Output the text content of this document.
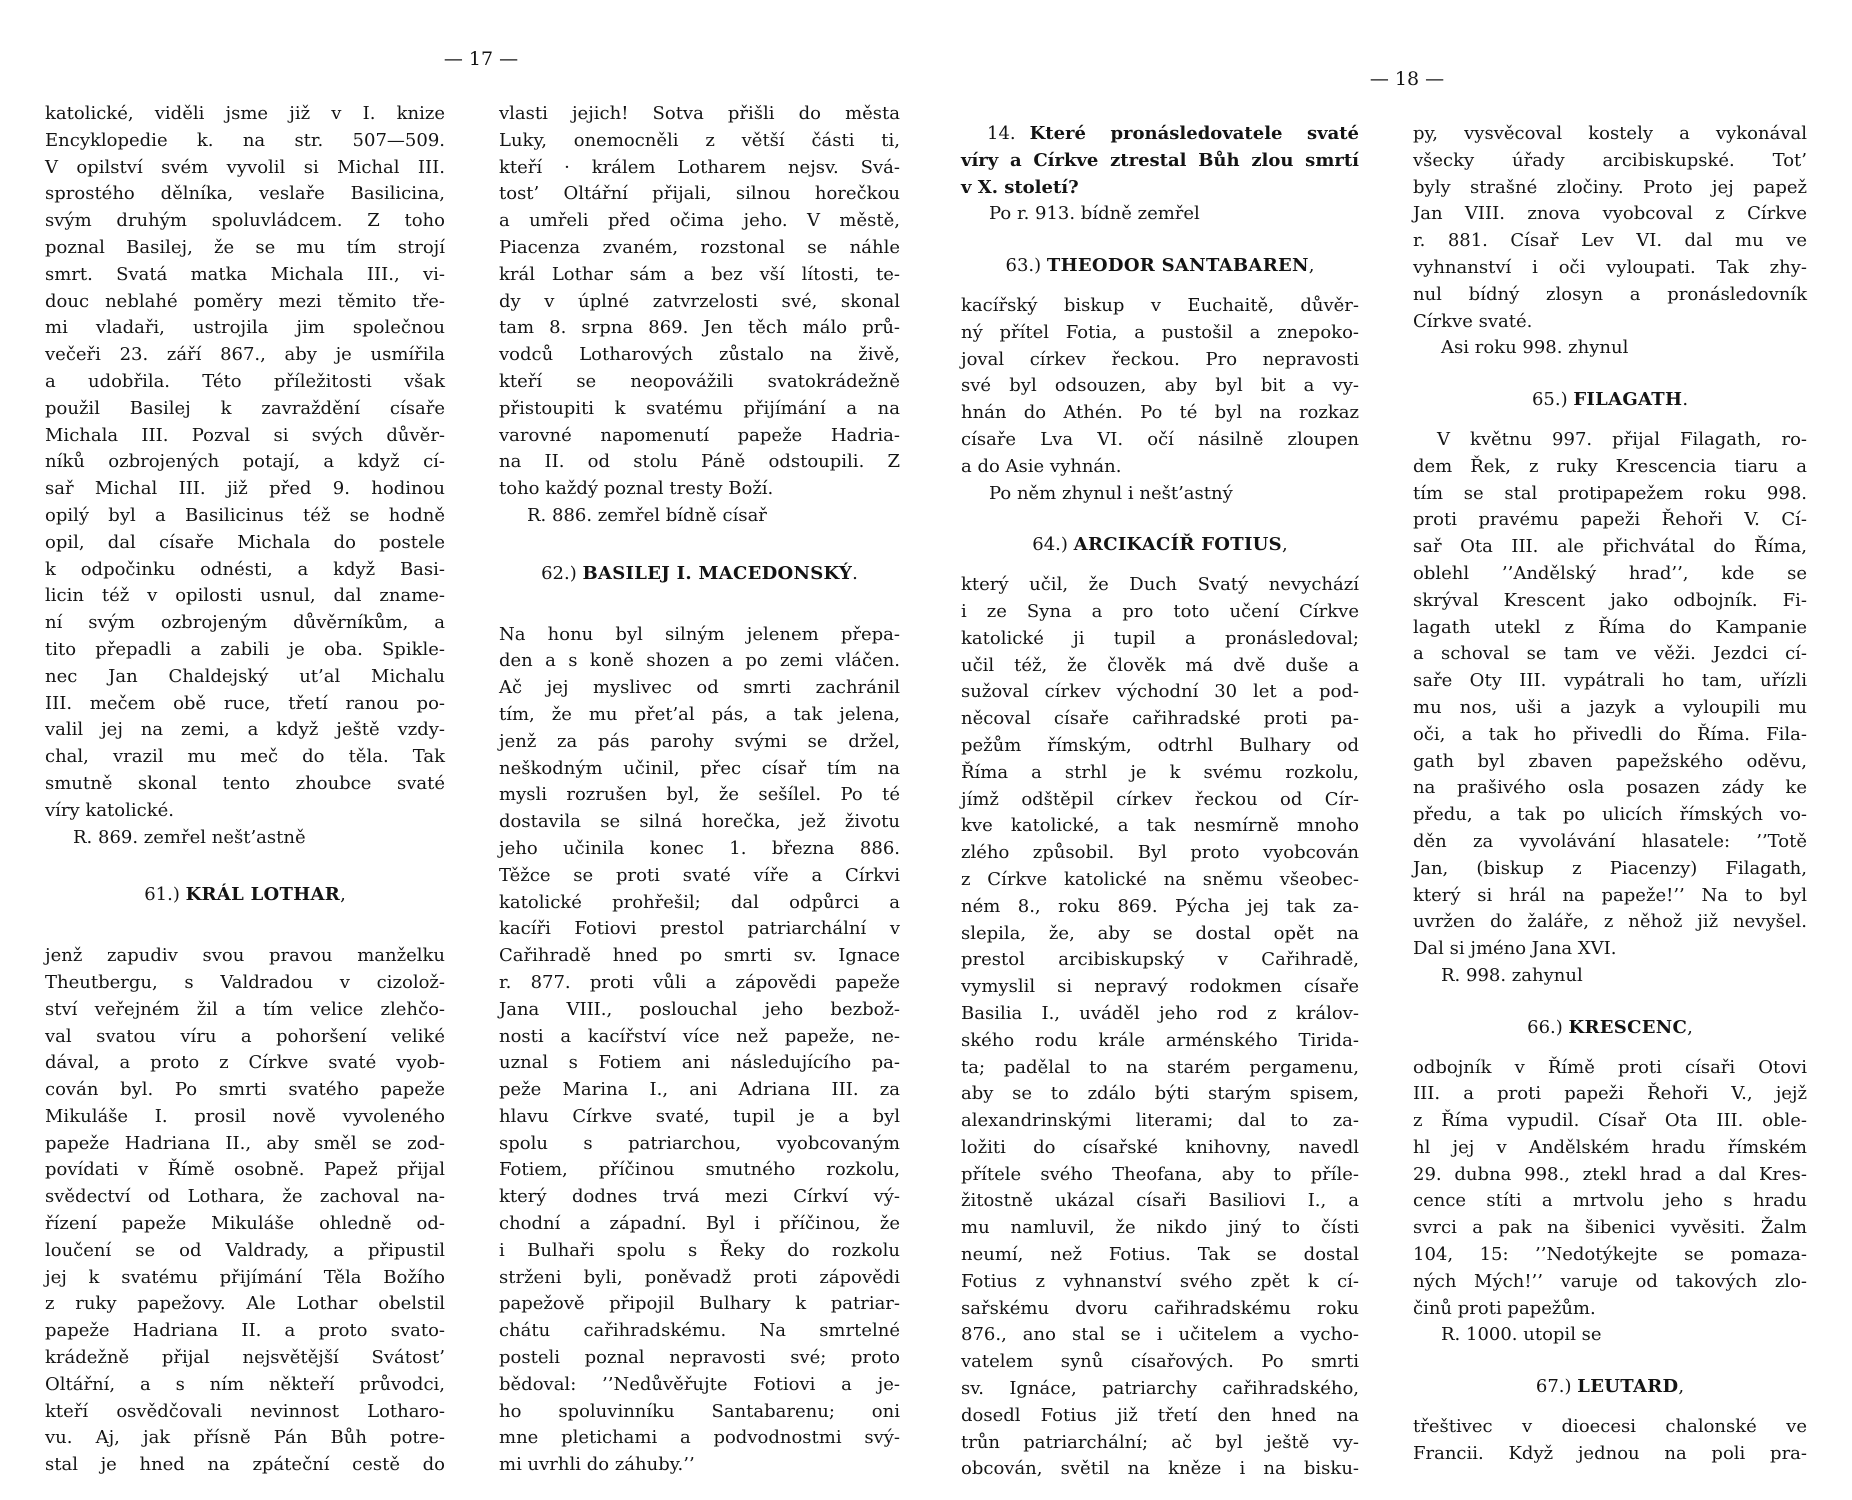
— 17 —
— 18 —
katolické, viděli jsme již v I. knize
Encyklopedie k. na str. 507—509.
V opilství svém vyvolil si Michal III.
sprostého dělníka, veslaře Basilicina,
svým druhým spoluvládcem. Z toho
poznal Basilej, že se mu tím strojí
smrt. Svatá matka Michala III., vi-
douc neblahé poměry mezi těmito tře-
mi vladaři, ustrojila jim společnou
večeři 23. září 867., aby je usmířila
a udobřila. Této příležitosti však
použil Basilej k zavraždění císaře
Michala III. Pozval si svých důvěr-
níků ozbrojených potají, a když cí-
sař Michal III. již před 9. hodinou
opilý byl a Basilicinus též se hodně
opil, dal císaře Michala do postele
k odpočinku odnésti, a když Basi-
licin též v opilosti usnul, dal zname-
ní svým ozbrojeným důvěrníkům, a
tito přepadli a zabili je oba. Spikle-
nec Jan Chaldejský ut’al Michalu
III. mečem obě ruce, třetí ranou po-
valil jej na zemi, a když ještě vzdy-
chal, vrazil mu meč do těla. Tak
smutně skonal tento zhoubce svaté
víry katolické.
R. 869. zemřel nešt’astně
61.) KRÁL LOTHAR,
jenž zapudiv svou pravou manželku
Theutbergu, s Valdradou v cizolož-
ství veřejném žil a tím velice zlehčo-
val svatou víru a pohoršení veliké
dával, a proto z Církve svaté vyob-
cován byl. Po smrti svatého papeže
Mikuláše I. prosil nově vyvoleného
papeže Hadriana II., aby směl se zod-
povídati v Římě osobně. Papež přijal
svědectví od Lothara, že zachoval na-
řízení papeže Mikuláše ohledně od-
loučení se od Valdrady, a připustil
jej k svatému přijímání Těla Božího
z ruky papežovy. Ale Lothar obelstil
papeže Hadriana II. a proto svato-
krádežně přijal nejsvětější Svátost’
Oltářní, a s ním někteří průvodci,
kteří osvědčovali nevinnost Lotharo-
vu. Aj, jak přísně Pán Bůh potre-
stal je hned na zpáteční cestě do
vlasti jejich! Sotva přišli do města
Luky, onemocněli z větší části ti,
kteří · králem Lotharem nejsv. Svá-
tost’ Oltářní přijali, silnou horečkou
a umřeli před očima jeho. V městě,
Piacenza zvaném, rozstonal se náhle
král Lothar sám a bez vší lítosti, te-
dy v úplné zatvrzelosti své, skonal
tam 8. srpna 869. Jen těch málo prů-
vodců Lotharových zůstalo na živě,
kteří se neopovážili svatokrádežně
přistoupiti k svatému přijímání a na
varovné napomenutí papeže Hadria-
na II. od stolu Páně odstoupili. Z
toho každý poznal tresty Boží.
R. 886. zemřel bídně císař
62.) BASILEJ I. MACEDONSKÝ.
Na honu byl silným jelenem přepa-
den a s koně shozen a po zemi vláčen.
Ač jej myslivec od smrti zachránil
tím, že mu přet’al pás, a tak jelena,
jenž za pás parohy svými se držel,
neškodným učinil, přec císař tím na
mysli rozrušen byl, že sešílel. Po té
dostavila se silná horečka, jež životu
jeho učinila konec 1. března 886.
Těžce se proti svaté víře a Církvi
katolické prohřešil; dal odpůrci a
kacíři Fotiovi prestol patriarchální v
Cařihradě hned po smrti sv. Ignace
r. 877. proti vůli a zápovědi papeže
Jana VIII., poslouchal jeho bezbož-
nosti a kacířství více než papeže, ne-
uznal s Fotiem ani následujícího pa-
peže Marina I., ani Adriana III. za
hlavu Církve svaté, tupil je a byl
spolu s patriarchou, vyobcovaným
Fotiem, příčinou smutného rozkolu,
který dodnes trvá mezi Církví vý-
chodní a západní. Byl i příčinou, že
i Bulhaři spolu s Řeky do rozkolu
strženi byli, poněvadž proti zápovědi
papežově připojil Bulhary k patriar-
chátu cařihradskému. Na smrtelné
posteli poznal nepravosti své; proto
bědoval: ’’Nedůvěřujte Fotiovi a je-
ho spoluvinníku Santabarenu; oni
mne pletichami a podvodnostmi svý-
mi uvrhli do záhuby.’’
14. Které pronásledovatele svaté
víry a Církve ztrestal Bůh zlou smrtí
v X. století?
Po r. 913. bídně zemřel
63.) THEODOR SANTABAREN,
kacířský biskup v Euchaitě, důvěr-
ný přítel Fotia, a pustošil a znepoko-
joval církev řeckou. Pro nepravosti
své byl odsouzen, aby byl bit a vy-
hnán do Athén. Po té byl na rozkaz
císaře Lva VI. očí násilně zloupen
a do Asie vyhnán.
Po něm zhynul i nešt’astný
64.) ARCIKACÍŘ FOTIUS,
který učil, že Duch Svatý nevychází
i ze Syna a pro toto učení Církve
katolické ji tupil a pronásledoval;
učil též, že člověk má dvě duše a
sužoval církev východní 30 let a pod-
něcoval císaře cařihradské proti pa-
pežům římským, odtrhl Bulhary od
Říma a strhl je k svému rozkolu,
jímž odštěpil církev řeckou od Cír-
kve katolické, a tak nesmírně mnoho
zlého způsobil. Byl proto vyobcován
z Církve katolické na sněmu všeobec-
ném 8., roku 869. Pýcha jej tak za-
slepila, že, aby se dostal opět na
prestol arcibiskupský v Cařihradě,
vymyslil si nepravý rodokmen císaře
Basilia I., uváděl jeho rod z králov-
ského rodu krále arménského Tirida-
ta; padělal to na starém pergamenu,
aby se to zdálo býti starým spisem,
alexandrinskými literami; dal to za-
ložiti do císařské knihovny, navedl
přítele svého Theofana, aby to příle-
žitostně ukázal císaři Basiliovi I., a
mu namluvil, že nikdo jiný to čísti
neumí, než Fotius. Tak se dostal
Fotius z vyhnanství svého zpět k cí-
sařskému dvoru cařihradskému roku
876., ano stal se i učitelem a vycho-
vatelem synů císařových. Po smrti
sv. Ignáce, patriarchy cařihradského,
dosedl Fotius již třetí den hned na
trůn patriarchální; ač byl ještě vy-
obcován, světil na kněze i na bisku-
py, vysvěcoval kostely a vykonával
všecky úřady arcibiskupské. Tot’
byly strašné zločiny. Proto jej papež
Jan VIII. znova vyobcoval z Církve
r. 881. Císař Lev VI. dal mu ve
vyhnanství i oči vyloupati. Tak zhy-
nul bídný zlosyn a pronásledovník
Církve svaté.
Asi roku 998. zhynul
65.) FILAGATH.
V květnu 997. přijal Filagath, ro-
dem Řek, z ruky Krescencia tiaru a
tím se stal protipapežem roku 998.
proti pravému papeži Řehoři V. Cí-
sař Ota III. ale přichvátal do Říma,
oblehl ’’Andělský hrad’’, kde se
skrýval Krescent jako odbojník. Fi-
lagath utekl z Říma do Kampanie
a schoval se tam ve věži. Jezdci cí-
saře Oty III. vypátrali ho tam, uřízli
mu nos, uši a jazyk a vyloupili mu
oči, a tak ho přivedli do Říma. Fila-
gath byl zbaven papežského oděvu,
na prašivého osla posazen zády ke
předu, a tak po ulicích římských vo-
děn za vyvolávání hlasatele: ’’Totě
Jan, (biskup z Piacenzy) Filagath,
který si hrál na papeže!’’ Na to byl
uvržen do žaláře, z něhož již nevyšel.
Dal si jméno Jana XVI.
R. 998. zahynul
66.) KRESCENC,
odbojník v Římě proti císaři Otovi
III. a proti papeži Řehoři V., jejž
z Říma vypudil. Císař Ota III. oble-
hl jej v Andělském hradu římském
29. dubna 998., ztekl hrad a dal Kres-
cence stíti a mrtvolu jeho s hradu
svrci a pak na šibenici vyvěsiti. Žalm
104, 15: ’’Nedotýkejte se pomaza-
ných Mých!’’ varuje od takových zlo-
činů proti papežům.
R. 1000. utopil se
67.) LEUTARD,
třeštivec v dioecesi chalonské ve
Francii. Když jednou na poli pra-
